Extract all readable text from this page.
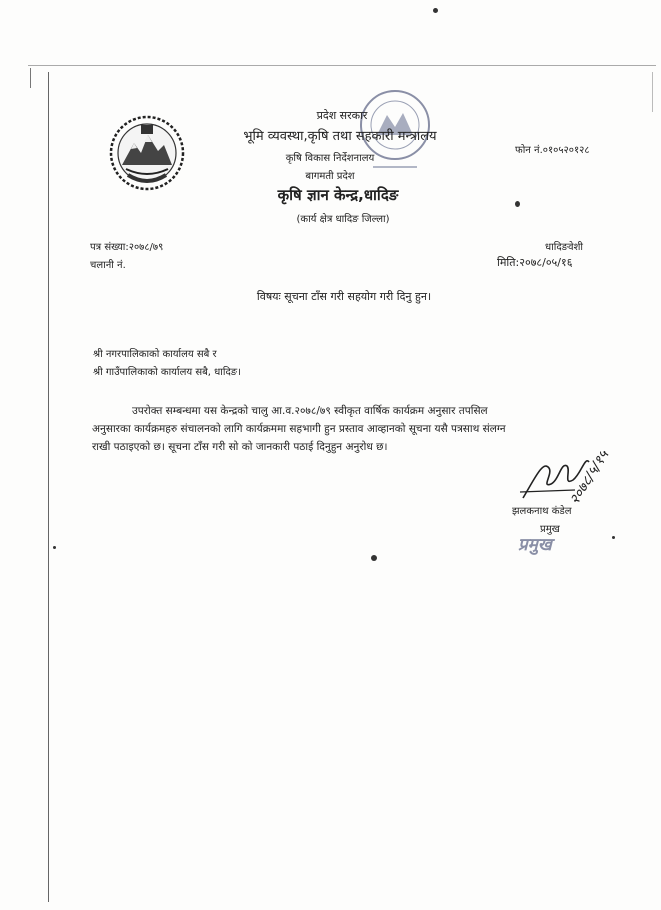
प्रदेश सरकार
भूमि व्यवस्था,कृषि तथा सहकारी मन्त्रालय
कृषि विकास निर्देशनालय
बागमती प्रदेश
कृषि ज्ञान केन्द्र,धादिङ
(कार्य क्षेत्र धादिङ जिल्ला)
फोन नं.०१०५२०१२८
पत्र संख्या:२०७८/७९
चलानी नं.
धादिङवेशी
मिति:२०७८/०५/१६
विषयः सूचना टाँस गरी सहयोग गरी दिनु हुन।
श्री नगरपालिकाको कार्यालय सबै र
श्री गाउँपालिकाको कार्यालय सबै, धादिङ।
उपरोक्त सम्बन्धमा यस केन्द्रको चालु आ.व.२०७८/७९ स्वीकृत वार्षिक कार्यक्रम अनुसार तपसिल
अनुसारका कार्यक्रमहरु संचालनको लागि कार्यक्रममा सहभागी हुन प्रस्ताव आव्हानको सूचना यसै पत्रसाथ संलग्न
राखी पठाइएको छ। सूचना टाँस गरी सो को जानकारी पठाई दिनुहुन अनुरोध छ।
झलकनाथ कंडेल
प्रमुख
प्रमुख
२०७८/५/१५
